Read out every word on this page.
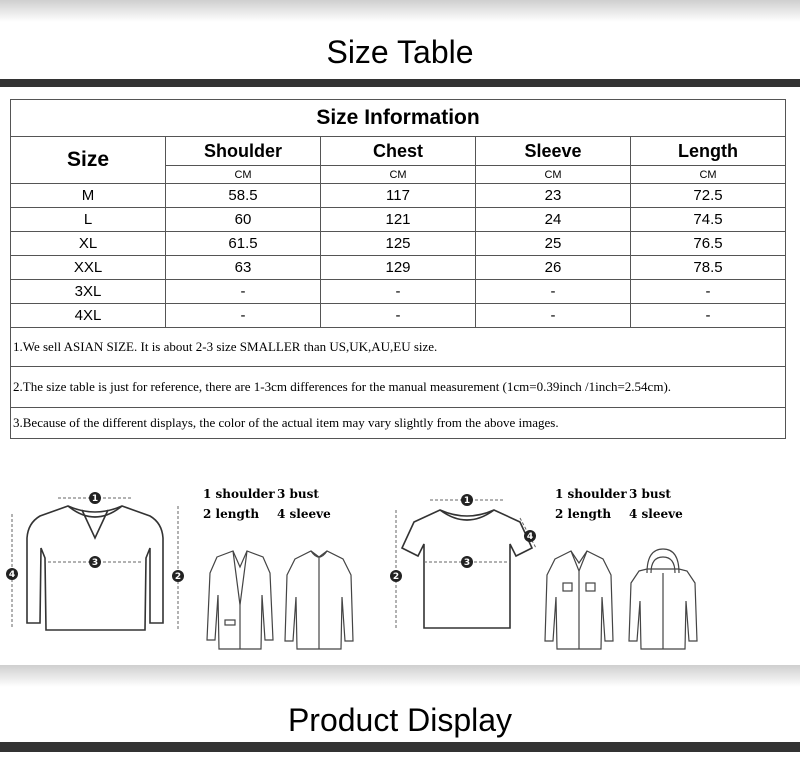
Size Table
Size Information				
Size	Shoulder	Chest	Sleeve	Length
	CM	CM	CM	CM
M	58.5	117	23	72.5
L	60	121	24	74.5
XL	61.5	125	25	76.5
XXL	63	129	26	78.5
3XL	-	-	-	-
4XL	-	-	-	-
1.We sell ASIAN SIZE. It is about 2-3 size SMALLER than US,UK,AU,EU size.				
2.The size table is just for reference, there are 1-3cm differences for the manual measurement (1cm=0.39inch /1inch=2.54cm).				
3.Because of the different displays, the color of the actual item may vary slightly from the above images.				
1
3
2
4
1 shoulder 3 bust
2 length 4 sleeve
1
3
2
4
1 shoulder 3 bust
2 length 4 sleeve
Product Display
